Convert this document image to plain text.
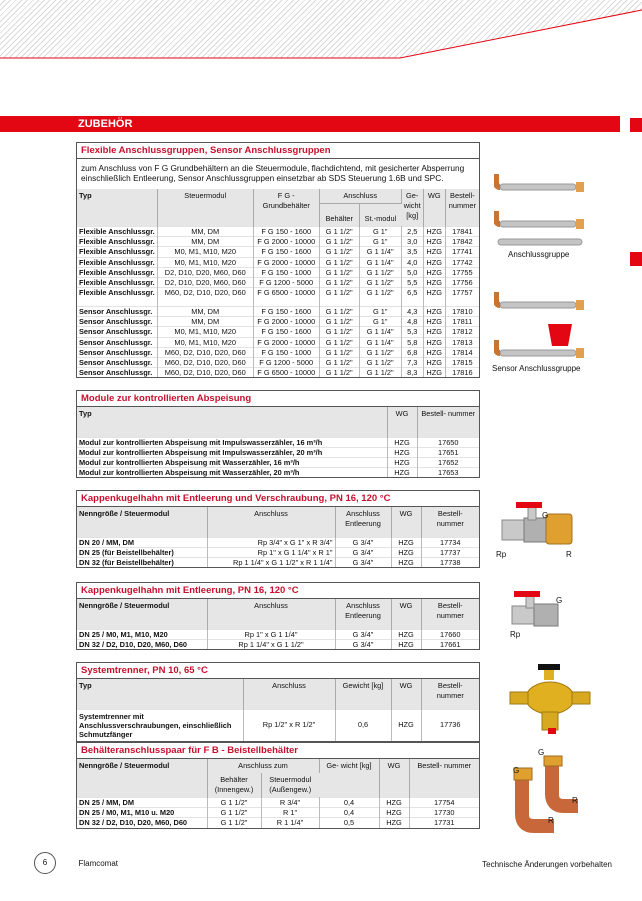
ZUBEHÖR
Flexible Anschlussgruppen, Sensor Anschlussgruppen
zum Anschluss von F G Grundbehältern an die Steuermodule, flachdichtend, mit gesicherter Absperrung einschließlich Entleerung, Sensor Anschlussgruppen einsetzbar ab SDS Steuerung 1.6B und SPC.
Typ	Steuermodul	F G - Grundbehälter	Anschluss		Ge- wicht [kg]	WG	Bestell- nummer
			Behälter	St.-modul			
Flexible Anschlussgr.	MM, DM	F G 150 - 1600	G 1 1/2"	G 1"	2,5	HZG	17841
Flexible Anschlussgr.	MM, DM	F G 2000 - 10000	G 1 1/2"	G 1"	3,0	HZG	17842
Flexible Anschlussgr.	M0, M1, M10, M20	F G 150 - 1600	G 1 1/2"	G 1 1/4"	3,5	HZG	17741
Flexible Anschlussgr.	M0, M1, M10, M20	F G 2000 - 10000	G 1 1/2"	G 1 1/4"	4,0	HZG	17742
Flexible Anschlussgr.	D2, D10, D20, M60, D60	F G 150 - 1000	G 1 1/2"	G 1 1/2"	5,0	HZG	17755
Flexible Anschlussgr.	D2, D10, D20, M60, D60	F G 1200 - 5000	G 1 1/2"	G 1 1/2"	5,5	HZG	17756
Flexible Anschlussgr.	M60, D2, D10, D20, D60	F G 6500 - 10000	G 1 1/2"	G 1 1/2"	6,5	HZG	17757

Sensor Anschlussgr.	MM, DM	F G 150 - 1600	G 1 1/2"	G 1"	4,3	HZG	17810
Sensor Anschlussgr.	MM, DM	F G 2000 - 10000	G 1 1/2"	G 1"	4,8	HZG	17811
Sensor Anschlussgr.	M0, M1, M10, M20	F G 150 - 1600	G 1 1/2"	G 1 1/4"	5,3	HZG	17812
Sensor Anschlussgr.	M0, M1, M10, M20	F G 2000 - 10000	G 1 1/2"	G 1 1/4"	5,8	HZG	17813
Sensor Anschlussgr.	M60, D2, D10, D20, D60	F G 150 - 1000	G 1 1/2"	G 1 1/2"	6,8	HZG	17814
Sensor Anschlussgr.	M60, D2, D10, D20, D60	F G 1200 - 5000	G 1 1/2"	G 1 1/2"	7,3	HZG	17815
Sensor Anschlussgr.	M60, D2, D10, D20, D60	F G 6500 - 10000	G 1 1/2"	G 1 1/2"	8,3	HZG	17816
Anschlussgruppe
Sensor Anschlussgruppe
Module zur kontrollierten Abspeisung
Typ	WG	Bestell- nummer
Modul zur kontrollierten Abspeisung mit Impulswasserzähler, 16 m³/h	HZG	17650
Modul zur kontrollierten Abspeisung mit Impulswasserzähler, 20 m³/h	HZG	17651
Modul zur kontrollierten Abspeisung mit Wasserzähler, 16 m³/h	HZG	17652
Modul zur kontrollierten Abspeisung mit Wasserzähler, 20 m³/h	HZG	17653
Kappenkugelhahn mit Entleerung und Verschraubung, PN 16, 120 °C
Nenngröße / Steuermodul	Anschluss	Anschluss Entleerung	WG	Bestell- nummer
DN 20 / MM, DM	Rp 3/4" x G 1" x R 3/4"	G 3/4"	HZG	17734
DN 25 (für Beistellbehälter)	Rp 1" x G 1 1/4" x R 1"	G 3/4"	HZG	17737
DN 32 (für Beistellbehälter)	Rp 1 1/4" x G 1 1/2" x R 1 1/4"	G 3/4"	HZG	17738
G
Rp	R
Kappenkugelhahn mit Entleerung, PN 16, 120 °C
Nenngröße / Steuermodul	Anschluss	Anschluss Entleerung	WG	Bestell- nummer
DN 25 / M0, M1, M10, M20	Rp 1" x G 1 1/4"	G 3/4"	HZG	17660
DN 32 / D2, D10, D20, M60, D60	Rp 1 1/4" x G 1 1/2"	G 3/4"	HZG	17661
G
Rp
Systemtrenner, PN 10, 65 °C
Typ	Anschluss	Gewicht [kg]	WG	Bestell- nummer
Systemtrenner mit Anschlussverschraubungen, einschließlich Schmutzfänger	Rp 1/2" x R 1/2"	0,6	HZG	17736
Behälteranschlusspaar für F B - Beistellbehälter
Nenngröße / Steuermodul	Anschluss zum		Ge- wicht [kg]	WG	Bestell- nummer
	Behälter (Innengew.)	Steuermodul (Außengew.)			
DN 25 / MM, DM	G 1 1/2"	R 3/4"	0,4	HZG	17754
DN 25 / M0, M1, M10 u. M20	G 1 1/2"	R 1"	0,4	HZG	17730
DN 32 / D2, D10, D20, M60, D60	G 1 1/2"	R 1 1/4"	0,5	HZG	17731
G
G
R
R
6	Flamcomat	Technische Änderungen vorbehalten
